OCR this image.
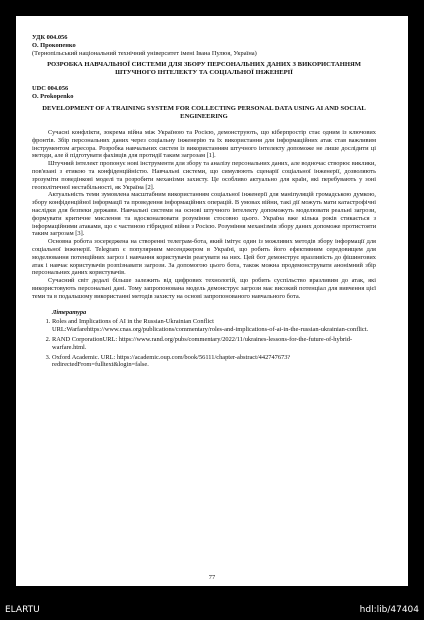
УДК 004.056
О. Прокопенко
(Тернопільський національний технічний університет імені Івана Пулюя, Україна)
РОЗРОБКА НАВЧАЛЬНОЇ СИСТЕМИ ДЛЯ ЗБОРУ ПЕРСОНАЛЬНИХ ДАНИХ З ВИКОРИСТАННЯМ ШТУЧНОГО ІНТЕЛЕКТУ ТА СОЦІАЛЬНОЇ ІНЖЕНЕРІЇ
UDC 004.056
O. Prokopenko
DEVELOPMENT OF A TRAINING SYSTEM FOR COLLECTING PERSONAL DATA USING AI AND SOCIAL ENGINEERING

Сучасні конфлікти, зокрема війна між Україною та Росією, демонструють, що кіберпростір стає одним із ключових фронтів. Збір персональних даних через соціальну інженерію та їх використання для інформаційних атак став важливим інструментом агресора. Розробка навчальних систем із використанням штучного інтелекту допоможе не лише дослідити ці методи, але й підготувати фахівців для протидії таким загрозам [1].

Штучний інтелект пропонує нові інструменти для збору та аналізу персональних даних, але водночас створює виклики, пов'язані з етикою та конфіденційністю. Навчальні системи, що симулюють сценарії соціальної інженерії, дозволяють зрозуміти поведінкові моделі та розробити механізми захисту. Це особливо актуально для країн, які перебувають у зоні геополітичної нестабільності, як Україна [2].

Актуальність теми зумовлена масштабним використанням соціальної інженерії для маніпуляцій громадською думкою, збору конфіденційної інформації та проведення інформаційних операцій. В умовах війни, такі дії можуть мати катастрофічні наслідки для безпеки держави. Навчальні системи на основі штучного інтелекту допоможуть моделювати реальні загрози, формувати критичне мислення та вдосконалювати розуміння стосовно цього. Україна вже кілька років стикається з інформаційними атаками, що є частиною гібридної війни з Росією. Розуміння механізмів збору даних допоможе протистояти таким загрозам [3].

Основна робота зосереджена на створенні телеграм-бота, який імітує один із можливих методів збору інформації для соціальної інженерії. Telegram є популярним месенджером в Україні, що робить його ефективним середовищем для моделювання потенційних загроз і навчання користувачів реагувати на них. Цей бот демонструє вразливість до фішингових атак і навчає користувачів розпізнавати загрози. За допомогою цього бота, також можна продемонструвати анонімний збір персональних даних користувачів.

Сучасний світ дедалі більше залежить від цифрових технологій, що робить суспільство вразливим до атак, які використовують персональні дані. Тому запропонована модель демонструє загрози має високий потенціал для вивчення цієї теми та в подальшому використанні методів захисту на основі запропонованого навчального бота.

Література
1. Roles and Implications of AI in the Russian-Ukrainian Conflict URL:Warfarehttps://www.cnas.org/publications/commentary/roles-and-implications-of-ai-in-the-russian-ukrainian-conflict.
2. RAND CorporationURL: https://www.rand.org/pubs/commentary/2022/11/ukraines-lessons-for-the-future-of-hybrid-warfare.html.
3. Oxford Academic. URL: https://academic.oup.com/book/56111/chapter-abstract/442747673?redirectedFrom=fulltext&login=false.
77
ELARTU	hdl:lib/47404
